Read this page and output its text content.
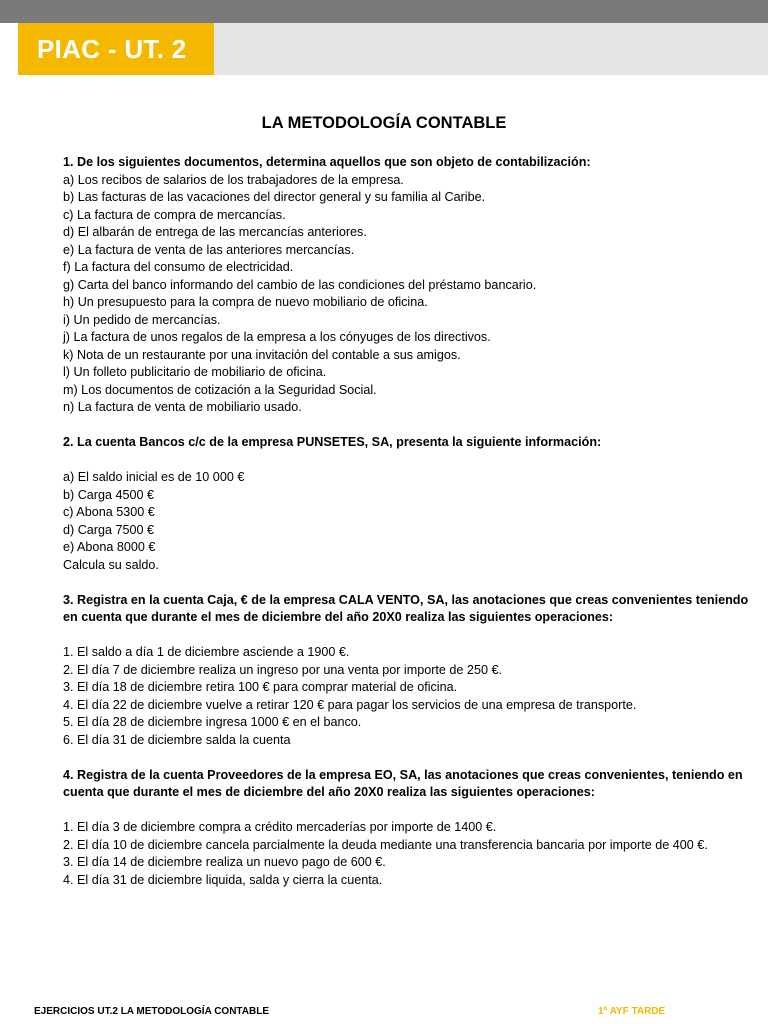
PIAC - UT. 2
LA METODOLOGÍA CONTABLE
1. De los siguientes documentos, determina aquellos que son objeto de contabilización:
a) Los recibos de salarios de los trabajadores de la empresa.
b) Las facturas de las vacaciones del director general y su familia al Caribe.
c) La factura de compra de mercancías.
d) El albarán de entrega de las mercancías anteriores.
e) La factura de venta de las anteriores mercancías.
f) La factura del consumo de electricidad.
g) Carta del banco informando del cambio de las condiciones del préstamo bancario.
h) Un presupuesto para la compra de nuevo mobiliario de oficina.
i) Un pedido de mercancías.
j) La factura de unos regalos de la empresa a los cónyuges de los directivos.
k) Nota de un restaurante por una invitación del contable a sus amigos.
l) Un folleto publicitario de mobiliario de oficina.
m) Los documentos de cotización a la Seguridad Social.
n) La factura de venta de mobiliario usado.
2. La cuenta Bancos c/c de la empresa PUNSETES, SA, presenta la siguiente información:
a) El saldo inicial es de 10 000 €
b) Carga 4500 €
c) Abona 5300 €
d) Carga 7500 €
e) Abona 8000 €
Calcula su saldo.
3. Registra en la cuenta Caja, € de la empresa CALA VENTO, SA, las anotaciones que creas convenientes teniendo
en cuenta que durante el mes de diciembre del año 20X0 realiza las siguientes operaciones:
1. El saldo a día 1 de diciembre asciende a 1900 €.
2. El día 7 de diciembre realiza un ingreso por una venta por importe de 250 €.
3. El día 18 de diciembre retira 100 € para comprar material de oficina.
4. El día 22 de diciembre vuelve a retirar 120 € para pagar los servicios de una empresa de transporte.
5. El día 28 de diciembre ingresa 1000 € en el banco.
6. El día 31 de diciembre salda la cuenta
4. Registra de la cuenta Proveedores de la empresa EO, SA, las anotaciones que creas convenientes, teniendo en
cuenta que durante el mes de diciembre del año 20X0 realiza las siguientes operaciones:
1. El día 3 de diciembre compra a crédito mercaderías por importe de 1400 €.
2. El día 10 de diciembre cancela parcialmente la deuda mediante una transferencia bancaria por importe de 400 €.
3. El día 14 de diciembre realiza un nuevo pago de 600 €.
4. El día 31 de diciembre liquida, salda y cierra la cuenta.
EJERCICIOS UT.2 LA METODOLOGÍA CONTABLE	1º AYF TARDE
